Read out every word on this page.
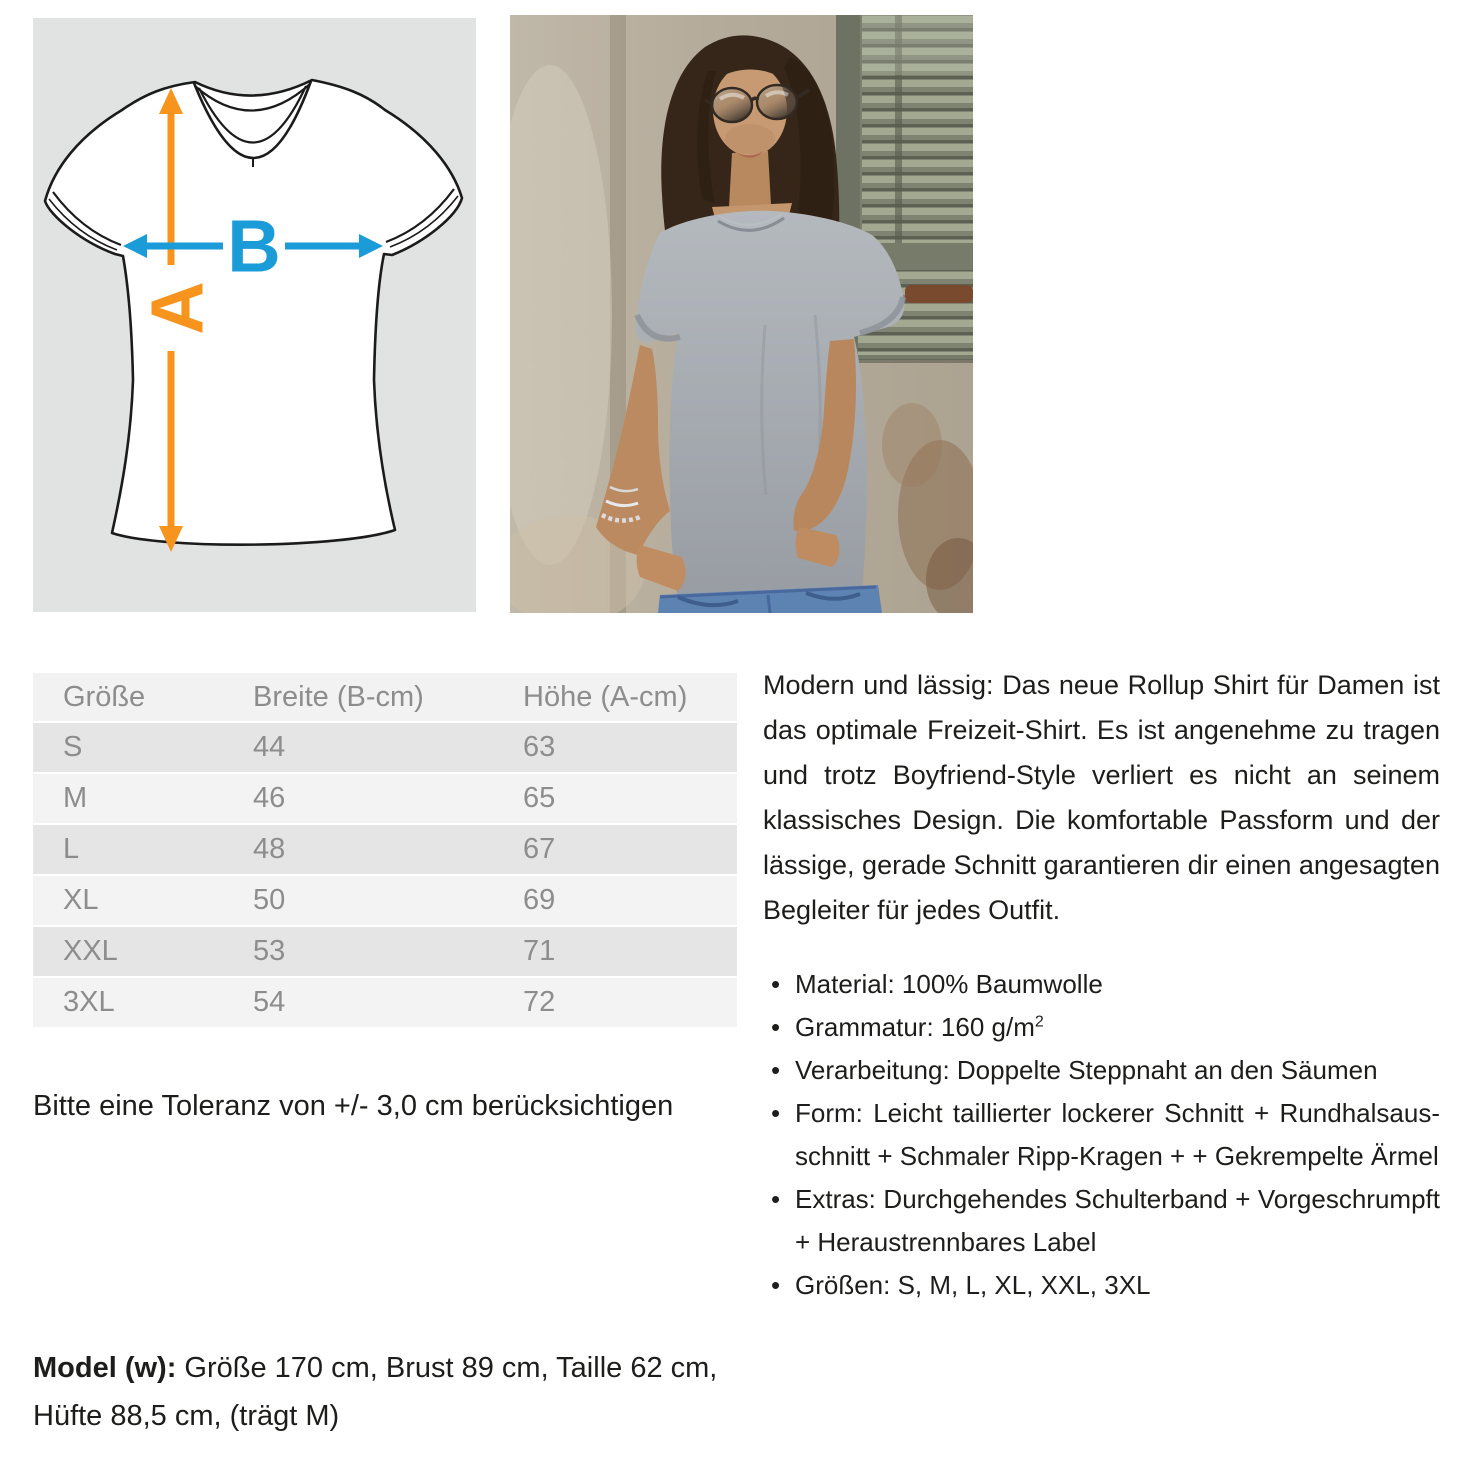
A
B
Größe	Breite (B-cm)	Höhe (A-cm)
S	44	63
M	46	65
L	48	67
XL	50	69
XXL	53	71
3XL	54	72
Bitte eine Toleranz von +/- 3,0 cm berücksichtigen

Modern und lässig: Das neue Rollup Shirt für Damen ist das optimale Freizeit-Shirt. Es ist angenehme zu tragen und trotz Boyfriend-Style verliert es nicht an seinem klassisches Design. Die komfortable Passform und der lässige, gerade Schnitt garantieren dir einen angesagten Begleiter für jedes Outfit.

• Material: 100% Baumwolle
• Grammatur: 160 $g/m^2$
• Verarbeitung: Doppelte Steppnaht an den Säumen
• Form: Leicht taillierter lockerer Schnitt + Rundhalsaus-schnitt + Schmaler Ripp-Kragen + + Gekrempelte Ärmel
• Extras: Durchgehendes Schulterband + Vorgeschrumpft + Heraustrennbares Label
• Größen: S, M, L, XL, XXL, 3XL
Model (w): Größe 170 cm, Brust 89 cm, Taille 62 cm, Hüfte 88,5 cm, (trägt M)
